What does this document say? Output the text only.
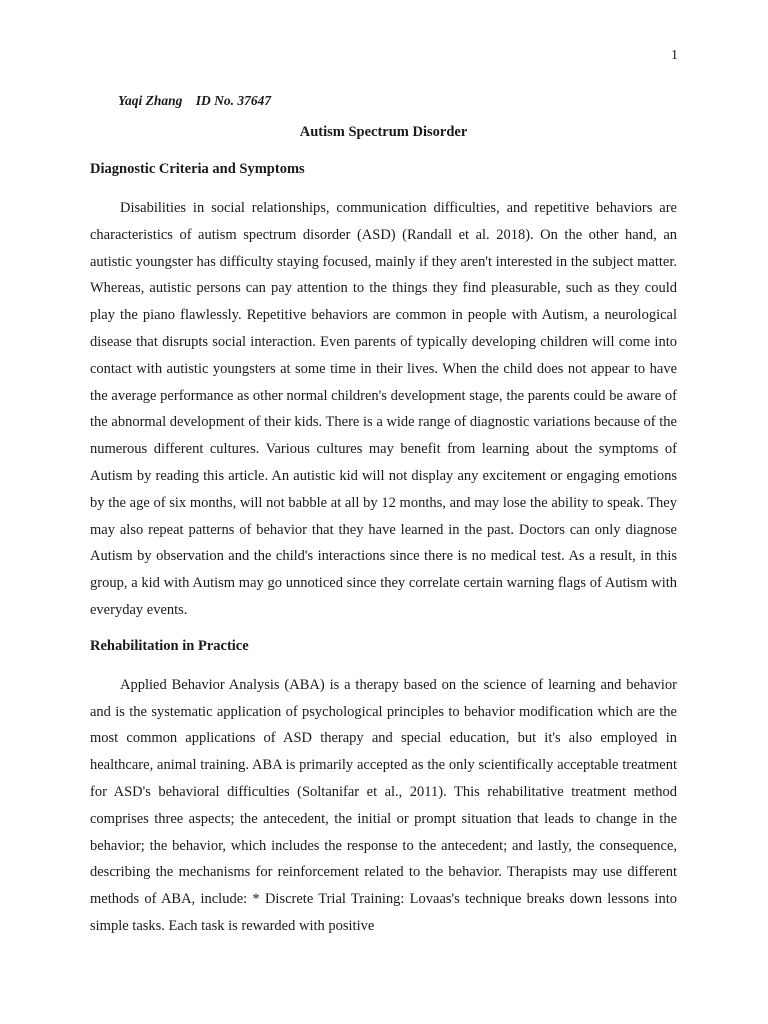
1
Yaqi Zhang ID No. 37647
Autism Spectrum Disorder
Diagnostic Criteria and Symptoms

Disabilities in social relationships, communication difficulties, and repetitive behaviors are characteristics of autism spectrum disorder (ASD) (Randall et al. 2018). On the other hand, an autistic youngster has difficulty staying focused, mainly if they aren't interested in the subject matter. Whereas, autistic persons can pay attention to the things they find pleasurable, such as they could play the piano flawlessly. Repetitive behaviors are common in people with Autism, a neurological disease that disrupts social interaction. Even parents of typically developing children will come into contact with autistic youngsters at some time in their lives. When the child does not appear to have the average performance as other normal children's development stage, the parents could be aware of the abnormal development of their kids. There is a wide range of diagnostic variations because of the numerous different cultures. Various cultures may benefit from learning about the symptoms of Autism by reading this article. An autistic kid will not display any excitement or engaging emotions by the age of six months, will not babble at all by 12 months, and may lose the ability to speak. They may also repeat patterns of behavior that they have learned in the past. Doctors can only diagnose Autism by observation and the child's interactions since there is no medical test. As a result, in this group, a kid with Autism may go unnoticed since they correlate certain warning flags of Autism with everyday events.

Rehabilitation in Practice

Applied Behavior Analysis (ABA) is a therapy based on the science of learning and behavior and is the systematic application of psychological principles to behavior modification which are the most common applications of ASD therapy and special education, but it's also employed in healthcare, animal training. ABA is primarily accepted as the only scientifically acceptable treatment for ASD's behavioral difficulties (Soltanifar et al., 2011). This rehabilitative treatment method comprises three aspects; the antecedent, the initial or prompt situation that leads to change in the behavior; the behavior, which includes the response to the antecedent; and lastly, the consequence, describing the mechanisms for reinforcement related to the behavior. Therapists may use different methods of ABA, include: * Discrete Trial Training: Lovaas's technique breaks down lessons into simple tasks. Each task is rewarded with positive
